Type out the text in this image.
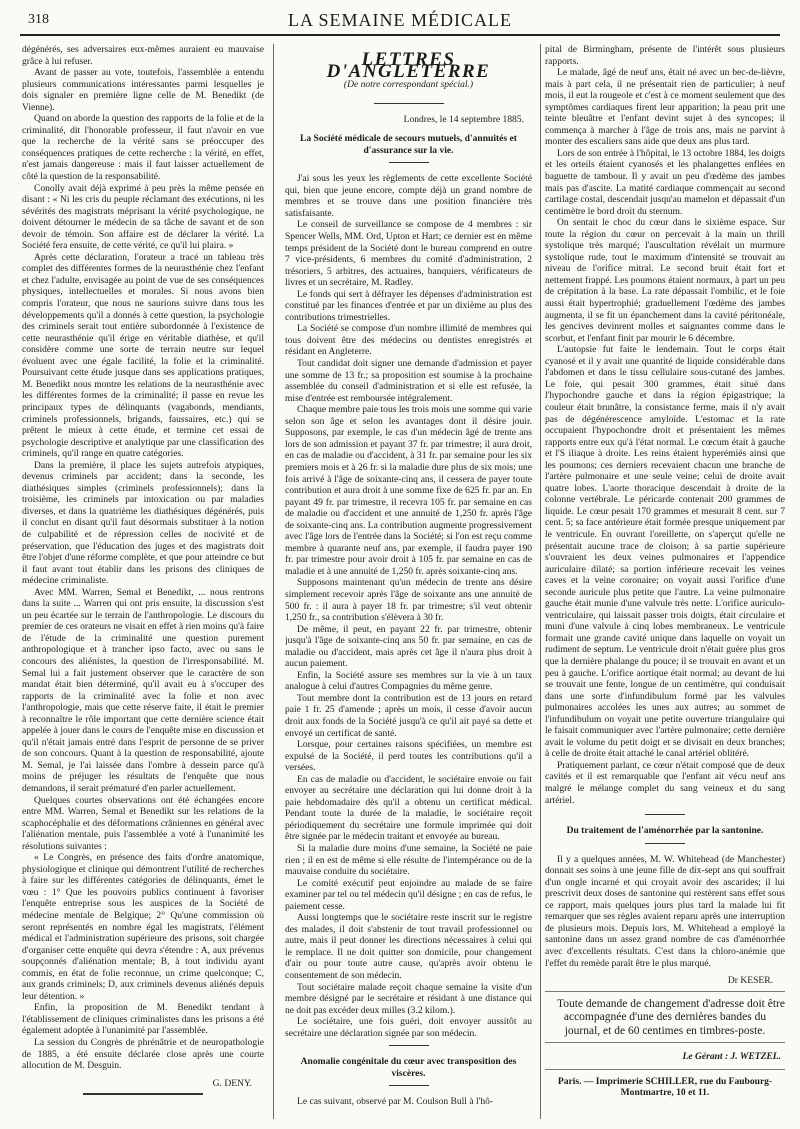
318	LA SEMAINE MÉDICALE

dégénérés, ses adversaires eux-mêmes auraient eu mauvaise grâce à lui refuser.

Avant de passer au vote, toutefois, l'assemblée a entendu plusieurs communications intéressantes parmi lesquelles je dois signaler en première ligne celle de M. Benedikt (de Vienne).

Quand on aborde la question des rapports de la folie et de la criminalité, dit l'honorable professeur, il faut n'avoir en vue que la recherche de la vérité sans se préoccuper des conséquences pratiques de cette recherche : la vérité, en effet, n'est jamais dangereuse : mais il faut laisser actuellement de côté la question de la responsabilité.

Conolly avait déjà exprimé à peu près la même pensée en disant : « Ni les cris du peuple réclamant des exécutions, ni les sévérités des magistrats méprisant la vérité psychologique, ne doivent détourner le médecin de sa tâche de savant et de son devoir de témoin. Son affaire est de déclarer la vérité. La Société fera ensuite, de cette vérité, ce qu'il lui plaira. »

Après cette déclaration, l'orateur a tracé un tableau très complet des différentes formes de la neurasthénie chez l'enfant et chez l'adulte, envisagée au point de vue de ses conséquences physiques, intellectuelles et morales. Si nous avons bien compris l'orateur, que nous ne saurions suivre dans tous les développements qu'il a donnés à cette question, la psychologie des criminels serait tout entière subordonnée à l'existence de cette neurasthénie qu'il érige en véritable diathèse, et qu'il considère comme une sorte de terrain neutre sur lequel évoluent avec une égale facilité, la folie et la criminalité. Poursuivant cette étude jusque dans ses applications pratiques, M. Benedikt nous montre les relations de la neurasthénie avec les différentes formes de la criminalité; il passe en revue les principaux types de délinquants (vagabonds, mendiants, criminels professionnels, brigands, faussaires, etc.) qui se prêtent le mieux à cette étude, et termine cet essai de psychologie descriptive et analytique par une classification des criminels, qu'il range en quatre catégories.

Dans la première, il place les sujets autrefois atypiques, devenus criminels par accident; dans la seconde, les diathésiques simples (criminels professionnels); dans la troisième, les criminels par intoxication ou par maladies diverses, et dans la quatrième les diathésiques dégénérés, puis il conclut en disant qu'il faut désormais substituer à la notion de culpabilité et de répression celles de nocivité et de préservation, que l'éducation des juges et des magistrats doit être l'objet d'une réforme complète, et que pour atteindre ce but il faut avant tout établir dans les prisons des cliniques de médecine criminaliste.

Avec MM. Warren, Semal et Benedikt, ... nous rentrons dans la suite ... Warren qui ont pris ensuite, la discussion s'est un peu écartée sur le terrain de l'anthropologie. Le discours du premier de ces orateurs ne visait en effet à rien moins qu'à faire de l'étude de la criminalité une question purement anthropologique et à trancher ipso facto, avec ou sans le concours des aliénistes, la question de l'irresponsabilité. M. Semal lui a fait justement observer que le caractère de son mandat était bien déterminé, qu'il avait eu à s'occuper des rapports de la criminalité avec la folie et non avec l'anthropologie, mais que cette réserve faite, il était le premier à reconnaître le rôle important que cette dernière science était appelée à jouer dans le cours de l'enquête mise en discussion et qu'il n'était jamais entré dans l'esprit de personne de se priver de son concours. Quant à la question de responsabilité, ajoute M. Semal, je l'ai laissée dans l'ombre à dessein parce qu'à moins de préjuger les résultats de l'enquête que nous demandons, il serait prématuré d'en parler actuellement.

Quelques courtes observations ont été échangées encore entre MM. Warren, Semal et Benedikt sur les relations de la scaphocéphalie et des déformations crâniennes en général avec l'aliénation mentale, puis l'assemblée a voté à l'unanimité les résolutions suivantes :

« Le Congrès, en présence des faits d'ordre anatomique, physiologique et clinique qui démontrent l'utilité de recherches à faire sur les différentes catégories de délinquants, émet le vœu : 1° Que les pouvoirs publics continuent à favoriser l'enquête entreprise sous les auspices de la Société de médecine mentale de Belgique; 2° Qu'une commission où seront représentés en nombre égal les magistrats, l'élément médical et l'administration supérieure des prisons, soit chargée d'organiser cette enquête qui devra s'étendre : A, aux prévenus soupçonnés d'aliénation mentale; B, à tout individu ayant commis, en état de folie reconnue, un crime quelconque; C, aux grands criminels; D, aux criminels devenus aliénés depuis leur détention. »

Enfin, la proposition de M. Benedikt tendant à l'établissement de cliniques criminalistes dans les prisons a été également adoptée à l'unanimité par l'assemblée.

La session du Congrès de phrénâtrie et de neuropathologie de 1885, a été ensuite déclarée close après une courte allocution de M. Desguin.

G. DENY.
LETTRES D'ANGLETERRE
(De notre correspondant spécial.)
Londres, le 14 septembre 1885.

La Société médicale de secours mutuels, d'annuités et d'assurance sur la vie.

J'ai sous les yeux les règlements de cette excellente Société qui, bien que jeune encore, compte déjà un grand nombre de membres et se trouve dans une position financière très satisfaisante.

Le conseil de surveillance se compose de 4 membres : sir Spencer Wells, MM. Ord, Upton et Hart; ce dernier est en même temps président de la Société dont le bureau comprend en outre 7 vice-présidents, 6 membres du comité d'administration, 2 trésoriers, 5 arbitres, des actuaires, banquiers, vérificateurs de livres et un secrétaire, M. Radley.

Le fonds qui sert à défrayer les dépenses d'administration est constitué par les finances d'entrée et par un dixième au plus des contributions trimestrielles.

La Société se compose d'un nombre illimité de membres qui tous doivent être des médecins ou dentistes enregistrés et résidant en Angleterre.

Tout candidat doit signer une demande d'admission et payer une somme de 13 fr.; sa proposition est soumise à la prochaine assemblée du conseil d'administration et si elle est refusée, la mise d'entrée est remboursée intégralement.

Chaque membre paie tous les trois mois une somme qui varie selon son âge et selon les avantages dont il désire jouir. Supposons, par exemple, le cas d'un médecin âgé de trente ans lors de son admission et payant 37 fr. par trimestre; il aura droit, en cas de maladie ou d'accident, à 31 fr. par semaine pour les six premiers mois et à 26 fr. si la maladie dure plus de six mois; une fois arrivé à l'âge de soixante-cinq ans, il cessera de payer toute contribution et aura droit à une somme fixe de 625 fr. par an. En payant 49 fr. par trimestre, il recevra 105 fr. par semaine en cas de maladie ou d'accident et une annuité de 1,250 fr. après l'âge de soixante-cinq ans. La contribution augmente progressivement avec l'âge lors de l'entrée dans la Société; si l'on est reçu comme membre à quarante neuf ans, par exemple, il faudra payer 190 fr. par trimestre pour avoir droit à 105 fr. par semaine en cas de maladie et à une annuité de 1,250 fr. après soixante-cinq ans.

Supposons maintenant qu'un médecin de trente ans désire simplement recevoir après l'âge de soixante ans une annuité de 500 fr. : il aura à payer 18 fr. par trimestre; s'il veut obtenir 1,250 fr., sa contribution s'élèvera à 30 fr.

De même, il peut, en payant 22 fr. par trimestre, obtenir jusqu'à l'âge de soixante-cinq ans 50 fr. par semaine, en cas de maladie ou d'accident, mais après cet âge il n'aura plus droit à aucun paiement.

Enfin, la Société assure ses membres sur la vie à un taux analogue à celui d'autres Compagnies du même genre.

Tout membre dont la contribution est de 13 jours en retard paie 1 fr. 25 d'amende ; après un mois, il cesse d'avoir aucun droit aux fonds de la Société jusqu'à ce qu'il ait payé sa dette et envoyé un certificat de santé.

Lorsque, pour certaines raisons spécifiées, un membre est expulsé de la Société, il perd toutes les contributions qu'il a versées.

En cas de maladie ou d'accident, le sociétaire envoie ou fait envoyer au secrétaire une déclaration qui lui donne droit à la paie hebdomadaire dès qu'il a obtenu un certificat médical. Pendant toute la durée de la maladie, le sociétaire reçoit périodiquement du secrétaire une formule imprimée qui doit être signée par le médecin traitant et envoyée au bureau.

Si la maladie dure moins d'une semaine, la Société ne paie rien ; il en est de même si elle résulte de l'intempérance ou de la mauvaise conduite du sociétaire.

Le comité exécutif peut enjoindre au malade de se faire examiner par tel ou tel médecin qu'il désigne ; en cas de refus, le paiement cesse.

Aussi longtemps que le sociétaire reste inscrit sur le registre des malades, il doit s'abstenir de tout travail professionnel ou autre, mais il peut donner les directions nécessaires à celui qui le remplace. Il ne doit quitter son domicile, pour changement d'air ou pour toute autre cause, qu'après avoir obtenu le consentement de son médecin.

Tout sociétaire malade reçoit chaque semaine la visite d'un membre désigné par le secrétaire et résidant à une distance qui ne doit pas excéder deux milles (3.2 kilom.).

Le sociétaire, une fois guéri, doit envoyer aussitôt au secrétaire une déclaration signée par son médecin.

Anomalie congénitale du cœur avec transposition des viscères.

Le cas suivant, observé par M. Coulson Bull à l'hô-

pital de Birmingham, présente de l'intérêt sous plusieurs rapports.

Le malade, âgé de neuf ans, était né avec un bec-de-lièvre, mais à part cela, il ne présentait rien de particulier; à neuf mois, il eut la rougeole et c'est à ce moment seulement que des symptômes cardiaques firent leur apparition; la peau prit une teinte bleuâtre et l'enfant devint sujet à des syncopes; il commença à marcher à l'âge de trois ans, mais ne parvint à monter des escaliers sans aide que deux ans plus tard.

Lors de son entrée à l'hôpital, le 13 octobre 1884, les doigts et les orteils étaient cyanosés et les phalangettes enflées en baguette de tambour. Il y avait un peu d'œdème des jambes mais pas d'ascite. La matité cardiaque commençait au second cartilage costal, descendait jusqu'au mamelon et dépassait d'un centimètre le bord droit du sternum.

On sentait le choc du cœur dans le sixième espace. Sur toute la région du cœur on percevait à la main un thrill systolique très marqué; l'auscultation révélait un murmure systolique rude, tout le maximum d'intensité se trouvait au niveau de l'orifice mitral. Le second bruit était fort et nettement frappé. Les poumons étaient normaux, à part un peu de crépitation à la base. La rate dépassait l'ombilic, et le foie aussi était hypertrophié; graduellement l'œdème des jambes augmenta, il se fit un épanchement dans la cavité péritonéale, les gencives devinrent molles et saignantes comme dans le scorbut, et l'enfant finit par mourir le 6 décembre.

L'autopsie fut faite le lendemain. Tout le corps était cyanosé et il y avait une quantité de liquide considérable dans l'abdomen et dans le tissu cellulaire sous-cutané des jambes. Le foie, qui pesait 300 grammes, était situé dans l'hypochondre gauche et dans la région épigastrique; la couleur était brunâtre, la consistance ferme, mais il n'y avait pas de dégénérescence amyloïde. L'estomac et la rate occupaient l'hypochondre droit et présentaient les mêmes rapports entre eux qu'à l'état normal. Le cœcum était à gauche et l'S iliaque à droite. Les reins étaient hyperémiés ainsi que les poumons; ces derniers recevaient chacun une branche de l'artère pulmonaire et une seule veine; celui de droite avait quatre lobes. L'aorte thoracique descendait à droite de la colonne vertébrale. Le péricarde contenait 200 grammes de liquide. Le cœur pesait 170 grammes et mesurait 8 cent. sur 7 cent. 5; sa face antérieure était formée presque uniquement par le ventricule. En ouvrant l'oreillette, on s'aperçut qu'elle ne présentait aucune trace de cloison; à sa partie supérieure s'ouvraient les deux veines pulmonaires et l'appendice auriculaire dilaté; sa portion inférieure recevait les veines caves et la veine coronaire; on voyait aussi l'orifice d'une seconde auricule plus petite que l'autre. La veine pulmonaire gauche était munie d'une valvule très nette. L'orifice auriculo-ventriculaire, qui laissait passer trois doigts, était circulaire et muni d'une valvule à cinq lobes membraneux. Le ventricule formait une grande cavité unique dans laquelle on voyait un rudiment de septum. Le ventricule droit n'était guère plus gros que la dernière phalange du pouce; il se trouvait en avant et un peu à gauche. L'orifice aortique était normal; au devant de lui se trouvait une fente, longue de un centimètre, qui conduisait dans une sorte d'infundibulum formé par les valvules pulmonaires accolées les unes aux autres; au sommet de l'infundibulum on voyait une petite ouverture triangulaire qui le faisait communiquer avec l'artère pulmonaire; cette dernière avait le volume du petit doigt et se divisait en deux branches; à celle de droite était attaché le canal artériel oblitéré.

Pratiquement parlant, ce cœur n'était composé que de deux cavités et il est remarquable que l'enfant ait vécu neuf ans malgré le mélange complet du sang veineux et du sang artériel.

Du traitement de l'aménorrhée par la santonine.

Il y a quelques années, M. W. Whitehead (de Manchester) donnait ses soins à une jeune fille de dix-sept ans qui souffrait d'un ongle incarné et qui croyait avoir des ascarides; il lui prescrivit deux doses de santonine qui restèrent sans effet sous ce rapport, mais quelques jours plus tard la malade lui fit remarquer que ses règles avaient reparu après une interruption de plusieurs mois. Depuis lors, M. Whitehead a employé la santonine dans un assez grand nombre de cas d'aménorrhée avec d'excellents résultats. C'est dans la chloro-anémie que l'effet du remède paraît être le plus marqué.

Dr KESER.

Toute demande de changement d'adresse doit être accompagnée d'une des dernières bandes du journal, et de 60 centimes en timbres-poste.

Le Gérant : J. WETZEL.
Paris. — Imprimerie SCHILLER, rue du Faubourg-
Montmartre, 10 et 11.
